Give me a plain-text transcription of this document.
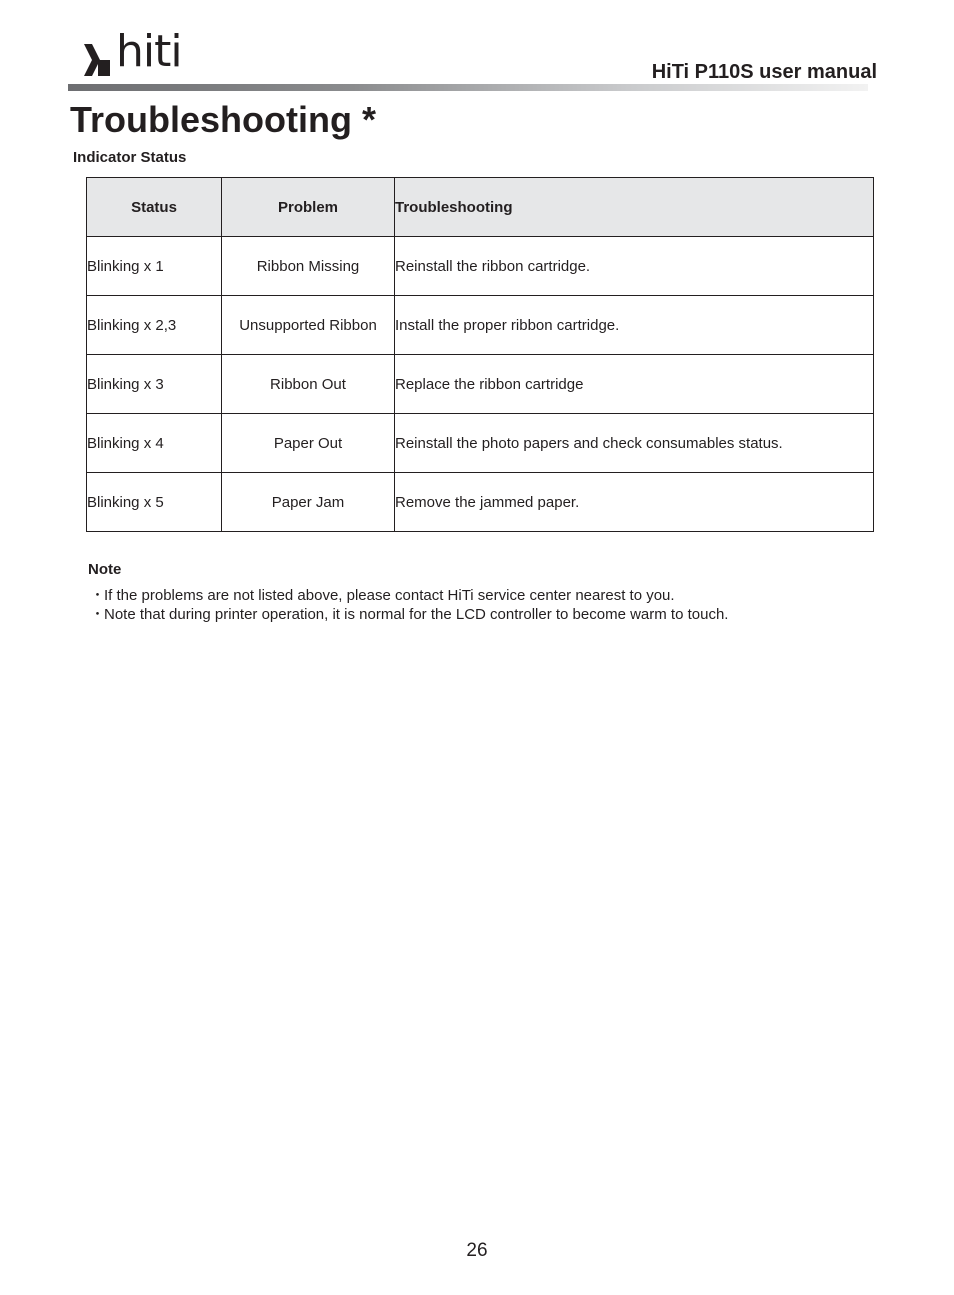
hiti	HiTi P110S user manual
Troubleshooting *
Indicator Status
Status	Problem	Troubleshooting
Blinking x 1	Ribbon Missing	Reinstall the ribbon cartridge.
Blinking x 2,3	Unsupported Ribbon	Install the proper ribbon cartridge.
Blinking x 3	Ribbon Out	Replace the ribbon cartridge
Blinking x 4	Paper Out	Reinstall the photo papers and check consumables status.
Blinking x 5	Paper Jam	Remove the jammed paper.
Note
・If the problems are not listed above, please contact HiTi service center nearest to you.
・Note that during printer operation, it is normal for the LCD controller to become warm to touch.
26
